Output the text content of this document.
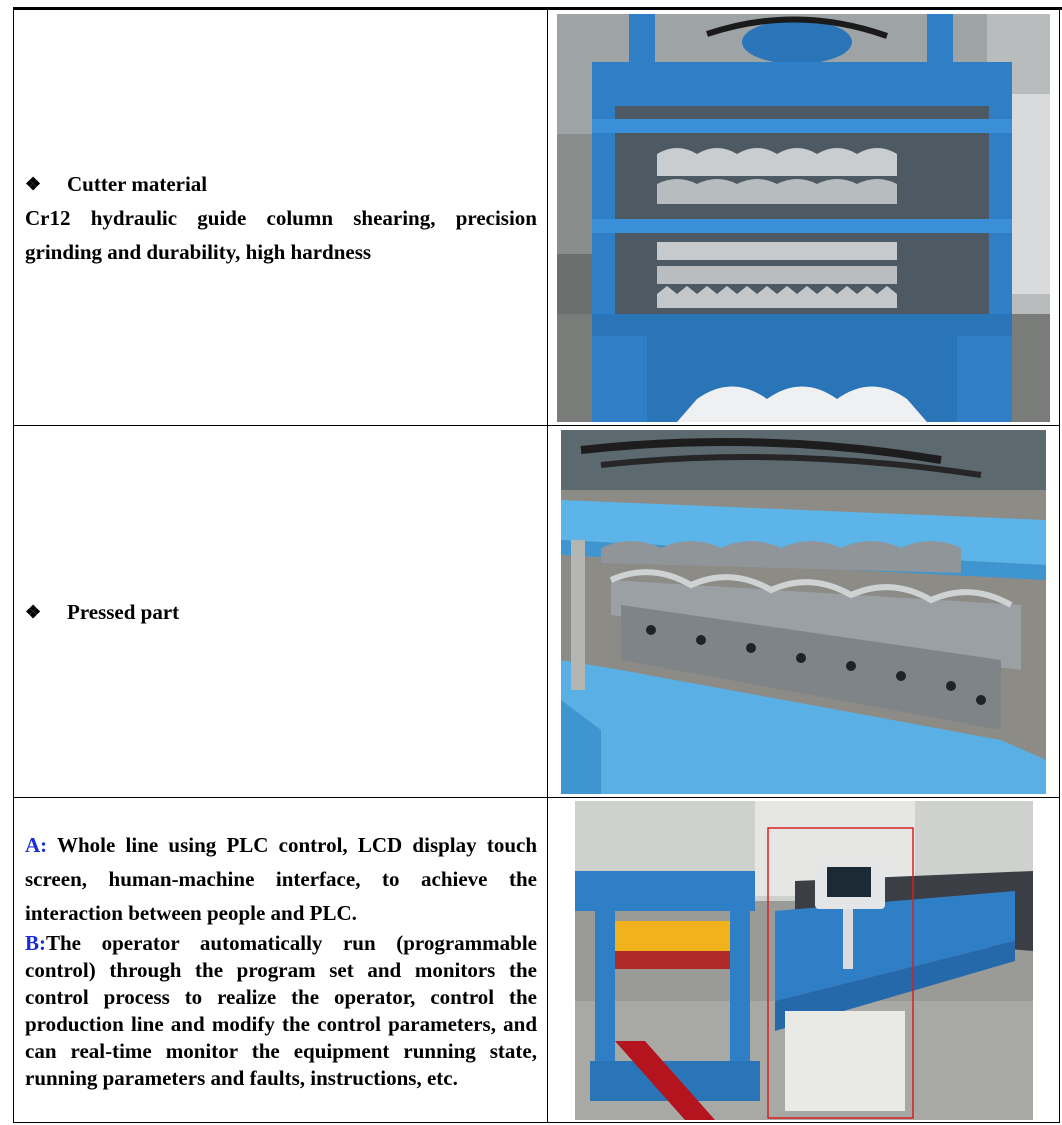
❖ Cutter material
Cr12 hydraulic guide column shearing, precision grinding and durability, high hardness

❖ Pressed part

A: Whole line using PLC control, LCD display touch screen, human-machine interface, to achieve the interaction between people and PLC.
B:The operator automatically run (programmable control) through the program set and monitors the control process to realize the operator, control the production line and modify the control parameters, and can real-time monitor the equipment running state, running parameters and faults, instructions, etc.
